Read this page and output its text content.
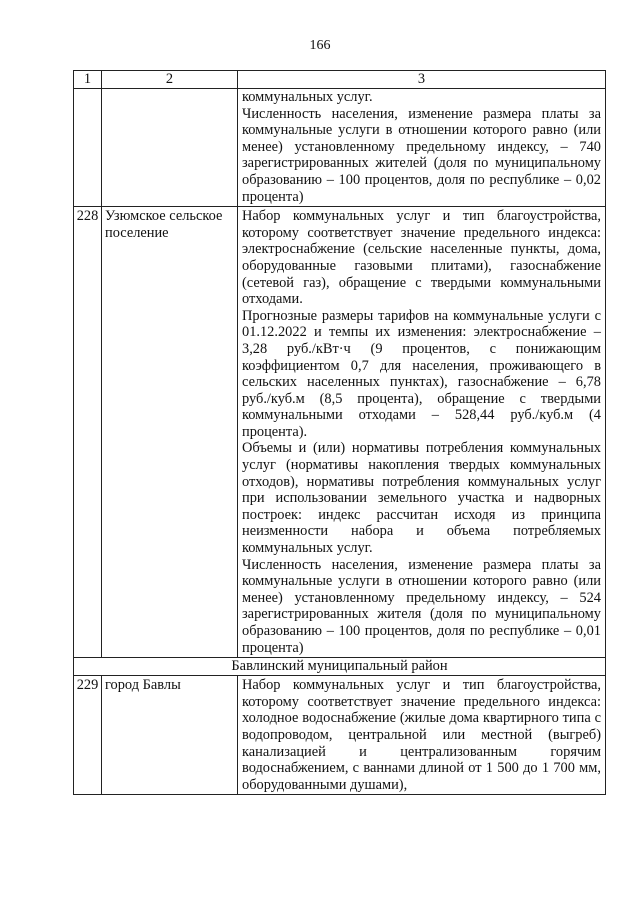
166
1	2	3

		коммунальных услуг.

Численность населения, изменение размера платы за коммунальные услуги в отношении которого равно (или менее) установленному предельному индексу, – 740 зарегистрированных жителей (доля по муниципальному образованию – 100 процентов, доля по республике – 0,02 процента)

228	Узюмское сельское поселение	Набор коммунальных услуг и тип благоустройства, которому соответствует значение предельного индекса: электроснабжение (сельские населенные пункты, дома, оборудованные газовыми плитами), газоснабжение (сетевой газ), обращение с твердыми коммунальными отходами.

Прогнозные размеры тарифов на коммунальные услуги с 01.12.2022 и темпы их изменения: электроснабжение – 3,28 руб./кВт·ч (9 процентов, с понижающим коэффициентом 0,7 для населения, проживающего в сельских населенных пунктах), газоснабжение – 6,78 руб./куб.м (8,5 процента), обращение с твердыми коммунальными отходами – 528,44 руб./куб.м (4 процента).

Объемы и (или) нормативы потребления коммунальных услуг (нормативы накопления твердых коммунальных отходов), нормативы потребления коммунальных услуг при использовании земельного участка и надворных построек: индекс рассчитан исходя из принципа неизменности набора и объема потребляемых коммунальных услуг.

Численность населения, изменение размера платы за коммунальные услуги в отношении которого равно (или менее) установленному предельному индексу, – 524 зарегистрированных жителя (доля по муниципальному образованию – 100 процентов, доля по республике – 0,01 процента)

Бавлинский муниципальный район		
229	город Бавлы	Набор коммунальных услуг и тип благоустройства, которому соответствует значение предельного индекса: холодное водоснабжение (жилые дома квартирного типа с водопроводом, центральной или местной (выгреб) канализацией и централизованным горячим водоснабжением, с ваннами длиной от 1 500 до 1 700 мм, оборудованными душами),
